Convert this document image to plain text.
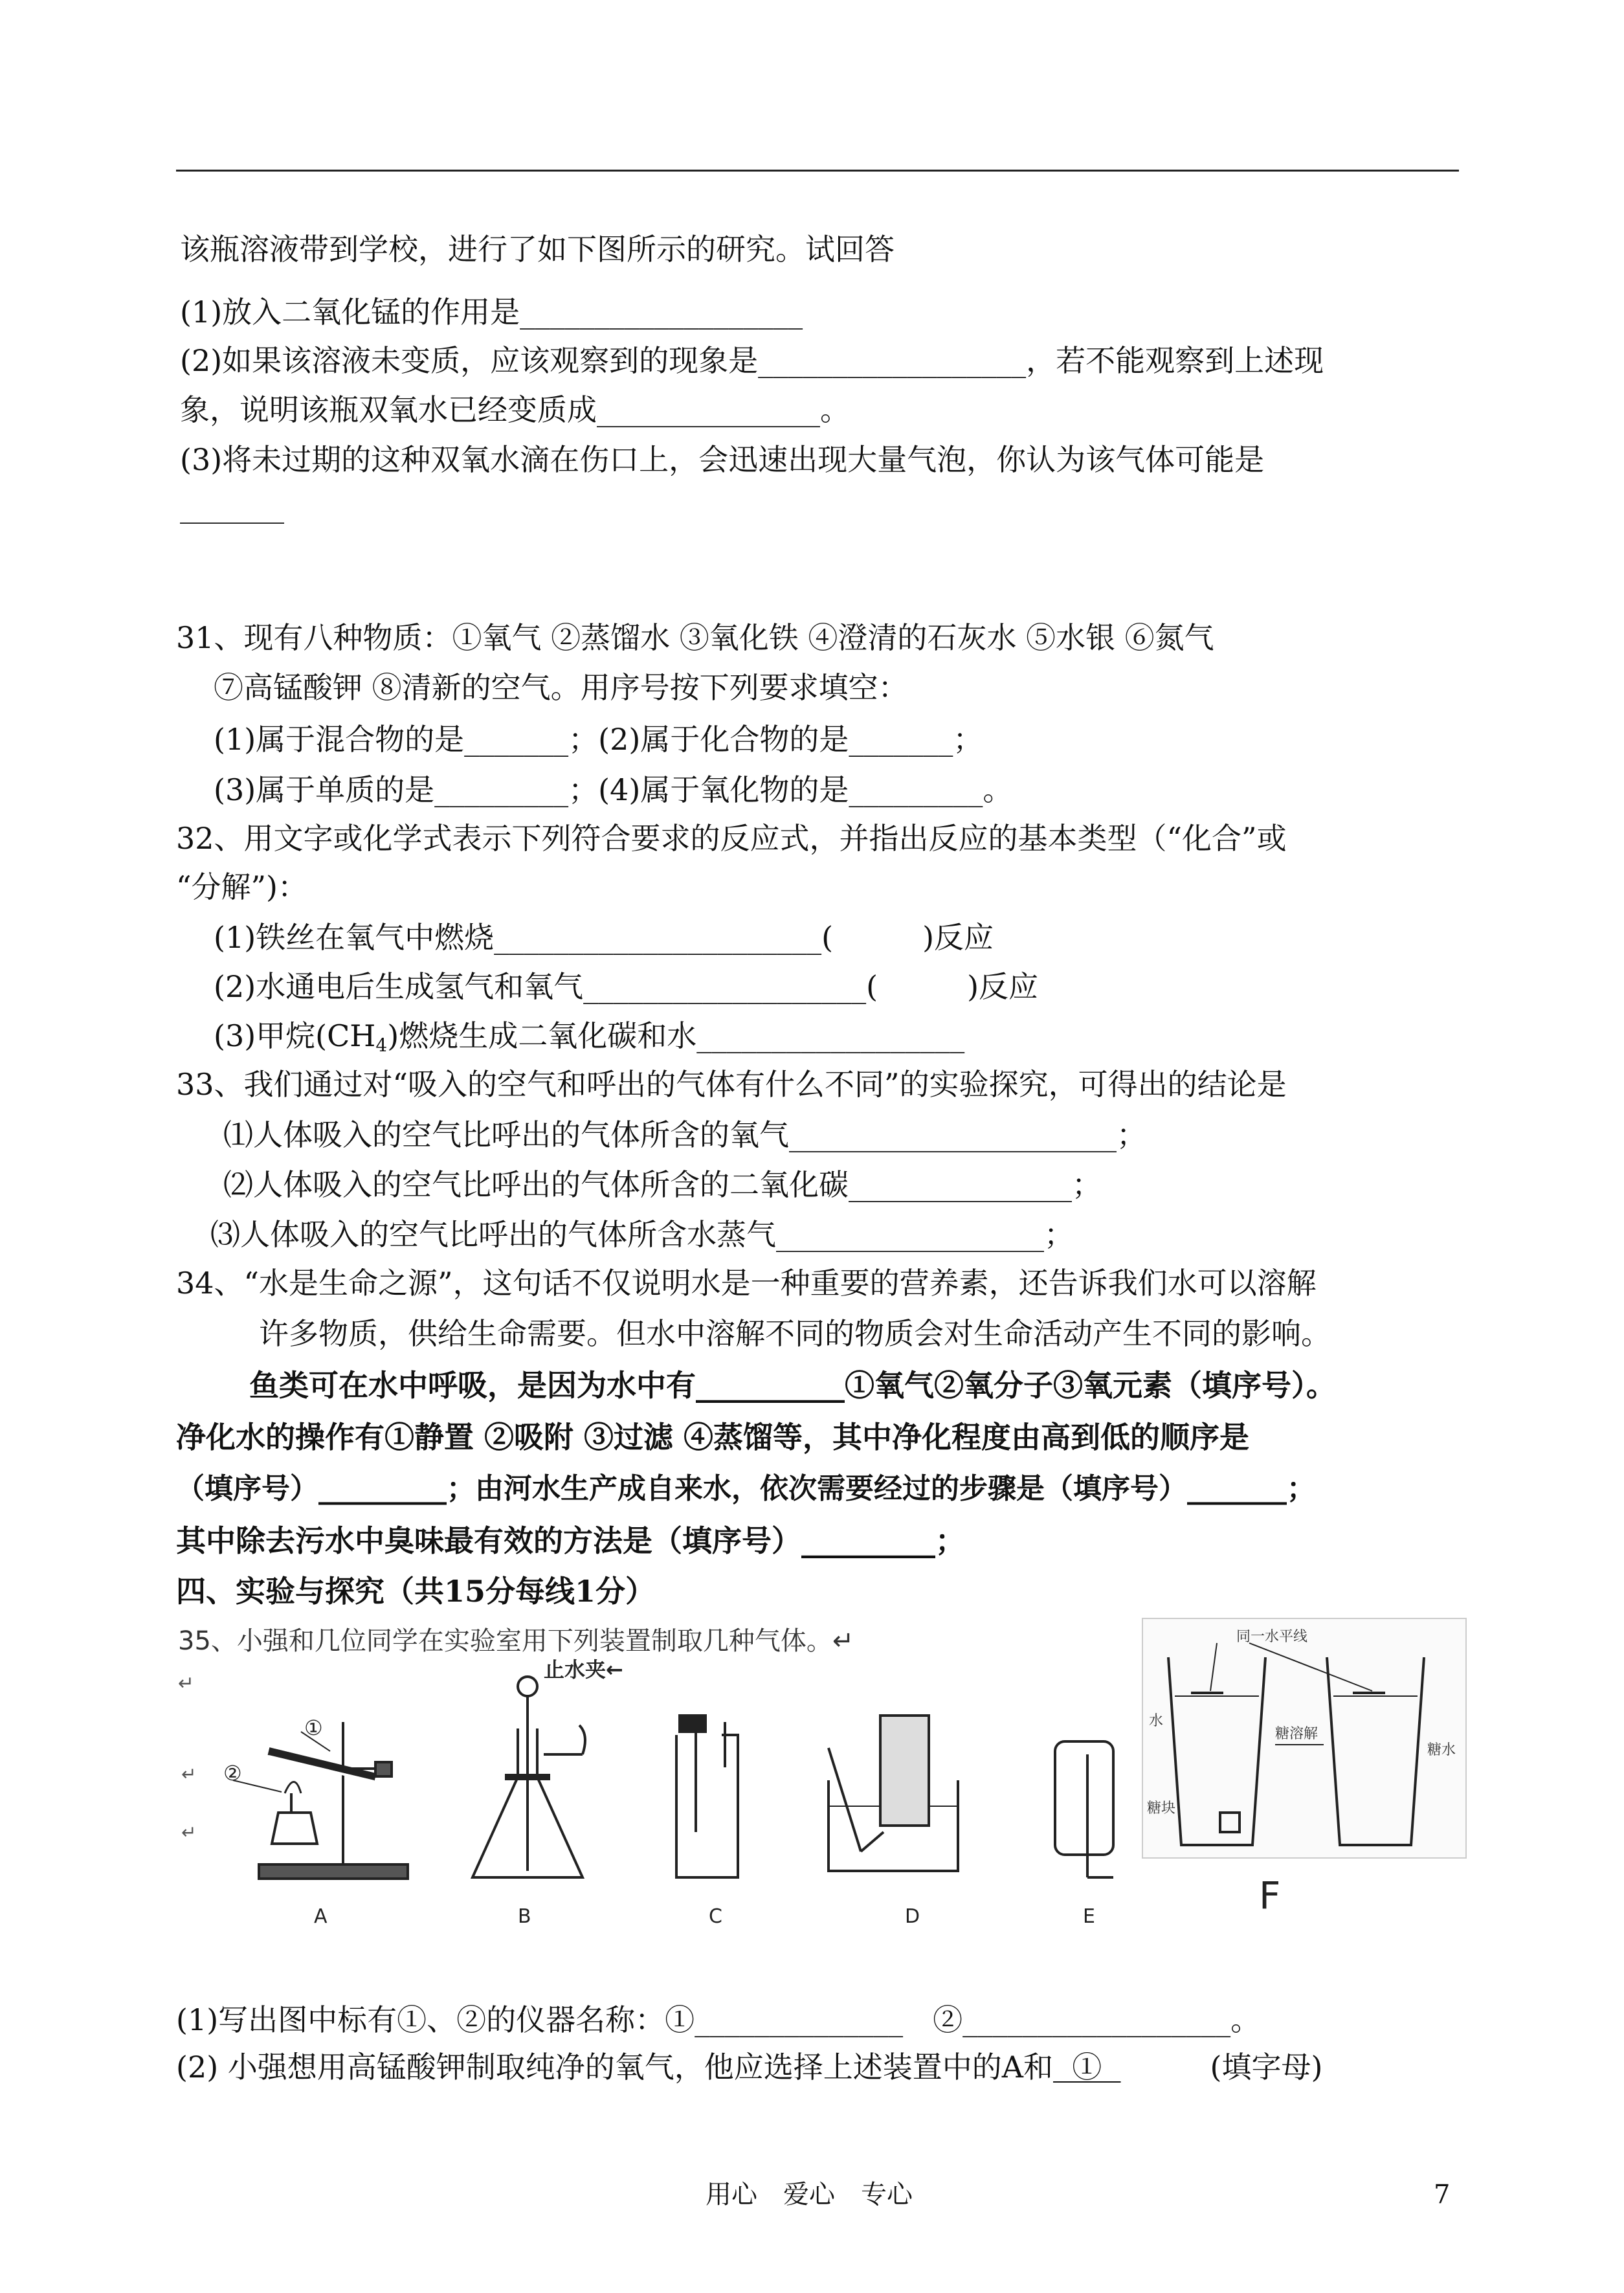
该瓶溶液带到学校，进行了如下图所示的研究。试回答
(1)放入二氧化锰的作用是___________________
(2)如果该溶液未变质，应该观察到的现象是__________________，若不能观察到上述现
象，说明该瓶双氧水已经变质成_______________。
(3)将未过期的这种双氧水滴在伤口上，会迅速出现大量气泡，你认为该气体可能是
_______
31、现有八种物质：①氧气 ②蒸馏水 ③氧化铁 ④澄清的石灰水 ⑤水银 ⑥氮气
⑦高锰酸钾 ⑧清新的空气。用序号按下列要求填空：
(1)属于混合物的是_______；(2)属于化合物的是_______；
(3)属于单质的是_________；(4)属于氧化物的是_________。
32、用文字或化学式表示下列符合要求的反应式，并指出反应的基本类型（“化合”或
“分解”)：
(1)铁丝在氧气中燃烧______________________(　　　)反应
(2)水通电后生成氢气和氧气___________________(　　　)反应
(3)甲烷$(CH_4)$燃烧生成二氧化碳和水__________________
33、我们通过对“吸入的空气和呼出的气体有什么不同”的实验探究，可得出的结论是
⑴人体吸入的空气比呼出的气体所含的氧气______________________；
⑵人体吸入的空气比呼出的气体所含的二氧化碳_______________；
⑶人体吸入的空气比呼出的气体所含水蒸气__________________；
34、“水是生命之源”，这句话不仅说明水是一种重要的营养素，还告诉我们水可以溶解
许多物质，供给生命需要。但水中溶解不同的物质会对生命活动产生不同的影响。
鱼类可在水中呼吸，是因为水中有__________①氧气②氧分子③氧元素（填序号）。
净化水的操作有①静置 ②吸附 ③过滤 ④蒸馏等，其中净化程度由高到低的顺序是
（填序号）_________；由河水生产成自来水，依次需要经过的步骤是（填序号）_______；
其中除去污水中臭味最有效的方法是（填序号）_________；
四、实验与探究（共15分每线1分）
35、小强和几位同学在实验室用下列装置制取几种气体。↵
↵
①
②
↵
↵
止水夹←
A	B	C	D	E
同一水平线
水
糖溶解
糖水
糖块
F
(1)写出图中标有①、②的仪器名称：①______________　②__________________。
(2) 小强想用高锰酸钾制取纯净的氧气，他应选择上述装置中的A和  ①  　　　	(填字母)
用心　爱心　专心	7
